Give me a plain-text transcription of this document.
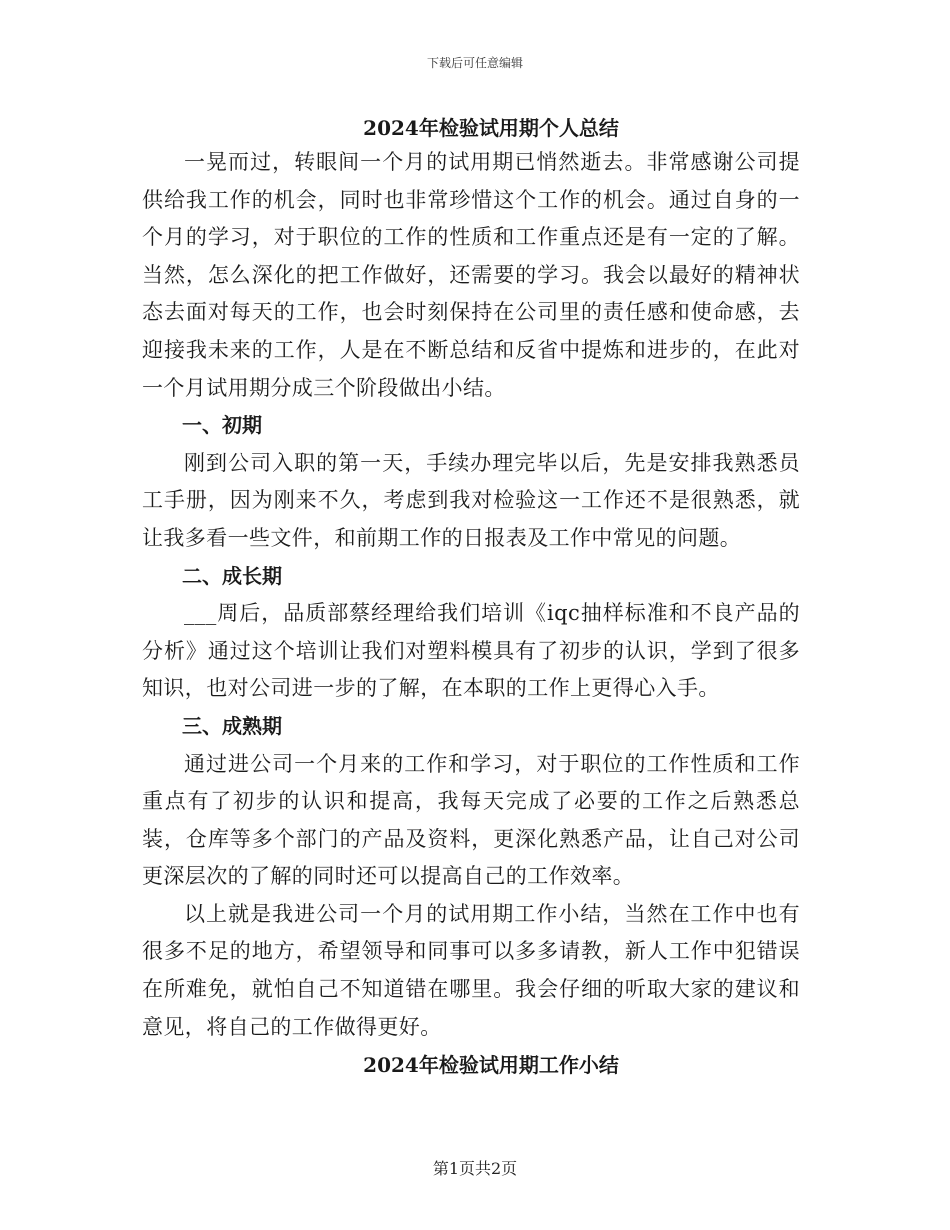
下载后可任意编辑
2024年检验试用期个人总结

一晃而过，转眼间一个月的试用期已悄然逝去。非常感谢公司提供给我工作的机会，同时也非常珍惜这个工作的机会。通过自身的一个月的学习，对于职位的工作的性质和工作重点还是有一定的了解。当然，怎么深化的把工作做好，还需要的学习。我会以最好的精神状态去面对每天的工作，也会时刻保持在公司里的责任感和使命感，去迎接我未来的工作，人是在不断总结和反省中提炼和进步的，在此对一个月试用期分成三个阶段做出小结。

一、初期

刚到公司入职的第一天，手续办理完毕以后，先是安排我熟悉员工手册，因为刚来不久，考虑到我对检验这一工作还不是很熟悉，就让我多看一些文件，和前期工作的日报表及工作中常见的问题。

二、成长期

___周后，品质部蔡经理给我们培训《iqc抽样标准和不良产品的分析》通过这个培训让我们对塑料模具有了初步的认识，学到了很多知识，也对公司进一步的了解，在本职的工作上更得心入手。

三、成熟期

通过进公司一个月来的工作和学习，对于职位的工作性质和工作重点有了初步的认识和提高，我每天完成了必要的工作之后熟悉总装，仓库等多个部门的产品及资料，更深化熟悉产品，让自己对公司更深层次的了解的同时还可以提高自己的工作效率。

以上就是我进公司一个月的试用期工作小结，当然在工作中也有很多不足的地方，希望领导和同事可以多多请教，新人工作中犯错误在所难免，就怕自己不知道错在哪里。我会仔细的听取大家的建议和意见，将自己的工作做得更好。

2024年检验试用期工作小结
第1页共2页
